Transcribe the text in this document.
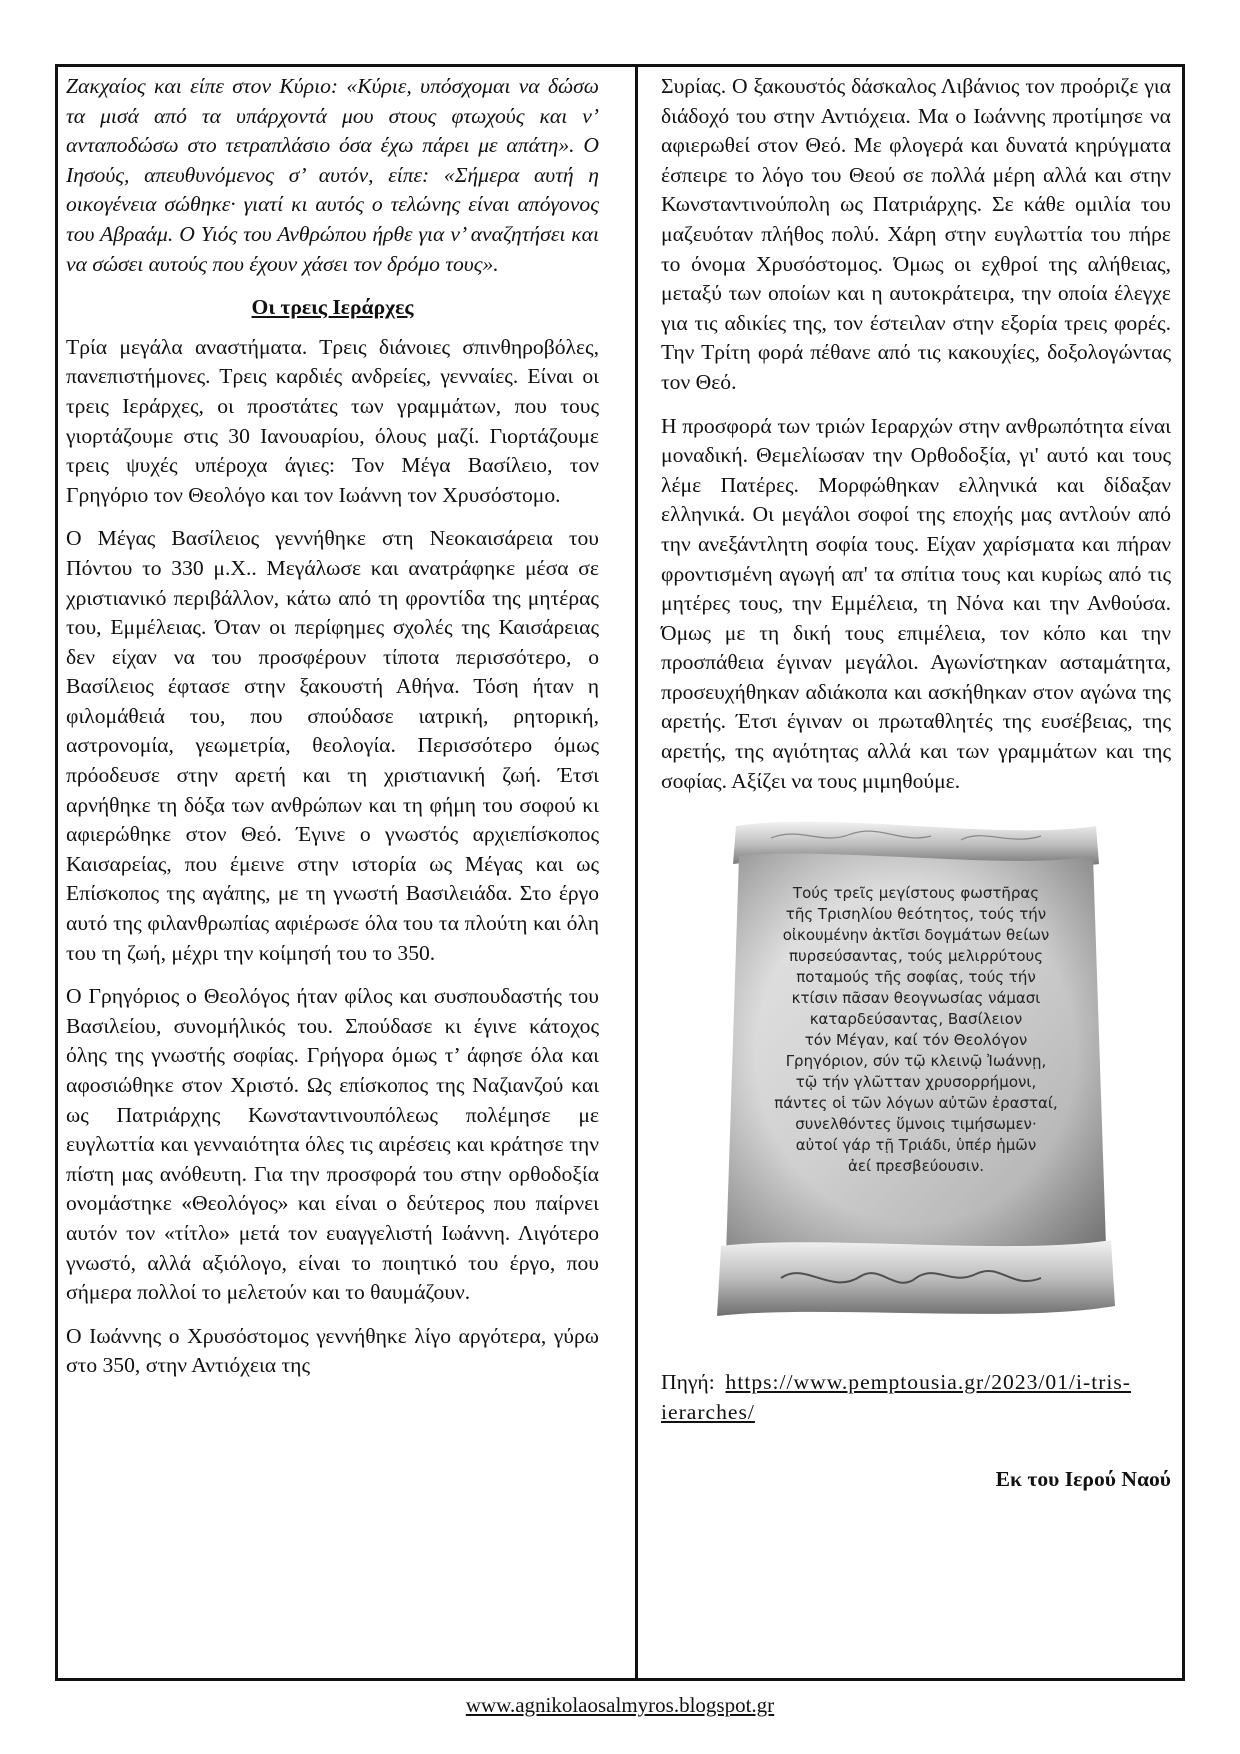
Ζακχαίος και είπε στον Κύριο: «Κύριε, υπόσχομαι να δώσω τα μισά από τα υπάρχοντά μου στους φτωχούς και ν’ ανταποδώσω στο τετραπλάσιο όσα έχω πάρει με απάτη». Ο Ιησούς, απευθυνόμενος σ’ αυτόν, είπε: «Σήμερα αυτή η οικογένεια σώθηκε· γιατί κι αυτός ο τελώνης είναι απόγονος του Αβραάμ. Ο Υιός του Ανθρώπου ήρθε για ν’ αναζητήσει και να σώσει αυτούς που έχουν χάσει τον δρόμο τους».

Οι τρεις Ιεράρχες

Τρία μεγάλα αναστήματα. Τρεις διάνοιες σπινθηροβόλες, πανεπιστήμονες. Τρεις καρδιές ανδρείες, γενναίες. Είναι οι τρεις Ιεράρχες, οι προστάτες των γραμμάτων, που τους γιορτάζουμε στις 30 Ιανουαρίου, όλους μαζί. Γιορτάζουμε τρεις ψυχές υπέροχα άγιες: Τον Μέγα Βασίλειο, τον Γρηγόριο τον Θεολόγο και τον Ιωάννη τον Χρυσόστομο.

Ο Μέγας Βασίλειος γεννήθηκε στη Νεοκαισάρεια του Πόντου το 330 μ.Χ.. Μεγάλωσε και ανατράφηκε μέσα σε χριστιανικό περιβάλλον, κάτω από τη φροντίδα της μητέρας του, Εμμέλειας. Όταν οι περίφημες σχολές της Καισάρειας δεν είχαν να του προσφέρουν τίποτα περισσότερο, ο Βασίλειος έφτασε στην ξακουστή Αθήνα. Τόση ήταν η φιλομάθειά του, που σπούδασε ιατρική, ρητορική, αστρονομία, γεωμετρία, θεολογία. Περισσότερο όμως πρόοδευσε στην αρετή και τη χριστιανική ζωή. Έτσι αρνήθηκε τη δόξα των ανθρώπων και τη φήμη του σοφού κι αφιερώθηκε στον Θεό. Έγινε ο γνωστός αρχιεπίσκοπος Καισαρείας, που έμεινε στην ιστορία ως Μέγας και ως Επίσκοπος της αγάπης, με τη γνωστή Βασιλειάδα. Στο έργο αυτό της φιλανθρωπίας αφιέρωσε όλα του τα πλούτη και όλη του τη ζωή, μέχρι την κοίμησή του το 350.

Ο Γρηγόριος ο Θεολόγος ήταν φίλος και συσπουδαστής του Βασιλείου, συνομήλικός του. Σπούδασε κι έγινε κάτοχος όλης της γνωστής σοφίας. Γρήγορα όμως τ’ άφησε όλα και αφοσιώθηκε στον Χριστό. Ως επίσκοπος της Ναζιανζού και ως Πατριάρχης Κωνσταντινουπόλεως πολέμησε με ευγλωττία και γενναιότητα όλες τις αιρέσεις και κράτησε την πίστη μας ανόθευτη. Για την προσφορά του στην ορθοδοξία ονομάστηκε «Θεολόγος» και είναι ο δεύτερος που παίρνει αυτόν τον «τίτλο» μετά τον ευαγγελιστή Ιωάννη. Λιγότερο γνωστό, αλλά αξιόλογο, είναι το ποιητικό του έργο, που σήμερα πολλοί το μελετούν και το θαυμάζουν.

Ο Ιωάννης ο Χρυσόστομος γεννήθηκε λίγο αργότερα, γύρω στο 350, στην Αντιόχεια της

Συρίας. Ο ξακουστός δάσκαλος Λιβάνιος τον προόριζε για διάδοχό του στην Αντιόχεια. Μα ο Ιωάννης προτίμησε να αφιερωθεί στον Θεό. Με φλογερά και δυνατά κηρύγματα έσπειρε το λόγο του Θεού σε πολλά μέρη αλλά και στην Κωνσταντινούπολη ως Πατριάρχης. Σε κάθε ομιλία του μαζευόταν πλήθος πολύ. Χάρη στην ευγλωττία του πήρε το όνομα Χρυσόστομος. Όμως οι εχθροί της αλήθειας, μεταξύ των οποίων και η αυτοκράτειρα, την οποία έλεγχε για τις αδικίες της, τον έστειλαν στην εξορία τρεις φορές. Την Τρίτη φορά πέθανε από τις κακουχίες, δοξολογώντας τον Θεό.

Η προσφορά των τριών Ιεραρχών στην ανθρωπότητα είναι μοναδική. Θεμελίωσαν την Ορθοδοξία, γι' αυτό και τους λέμε Πατέρες. Μορφώθηκαν ελληνικά και δίδαξαν ελληνικά. Οι μεγάλοι σοφοί της εποχής μας αντλούν από την ανεξάντλητη σοφία τους. Είχαν χαρίσματα και πήραν φροντισμένη αγωγή απ' τα σπίτια τους και κυρίως από τις μητέρες τους, την Εμμέλεια, τη Νόνα και την Ανθούσα. Όμως με τη δική τους επιμέλεια, τον κόπο και την προσπάθεια έγιναν μεγάλοι. Αγωνίστηκαν ασταμάτητα, προσευχήθηκαν αδιάκοπα και ασκήθηκαν στον αγώνα της αρετής. Έτσι έγιναν οι πρωταθλητές της ευσέβειας, της αρετής, της αγιότητας αλλά και των γραμμάτων και της σοφίας. Αξίζει να τους μιμηθούμε.

Τούς τρεῖς μεγίστους φωστῆρας
τῆς Τρισηλίου θεότητος, τούς τήν
οἰκουμένην ἀκτῖσι δογμάτων θείων
πυρσεύσαντας, τούς μελιρρύτους
ποταμούς τῆς σοφίας, τούς τήν
κτίσιν πᾶσαν θεογνωσίας νάμασι
καταρδεύσαντας, Βασίλειον
τόν Μέγαν, καί τόν Θεολόγον
Γρηγόριον, σύν τῷ κλεινῷ Ἰωάννῃ,
τῷ τήν γλῶτταν χρυσορρήμονι,
πάντες οἱ τῶν λόγων αὐτῶν ἐρασταί,
συνελθόντες ὕμνοις τιμήσωμεν·
αὐτοί γάρ τῇ Τριάδι, ὑπέρ ἡμῶν
ἀεί πρεσβεύουσιν.
Πηγή: https://www.pemptousia.gr/2023/01/i-tris-ierarches/
Εκ του Ιερού Ναού
www.agnikolaosalmyros.blogspot.gr
